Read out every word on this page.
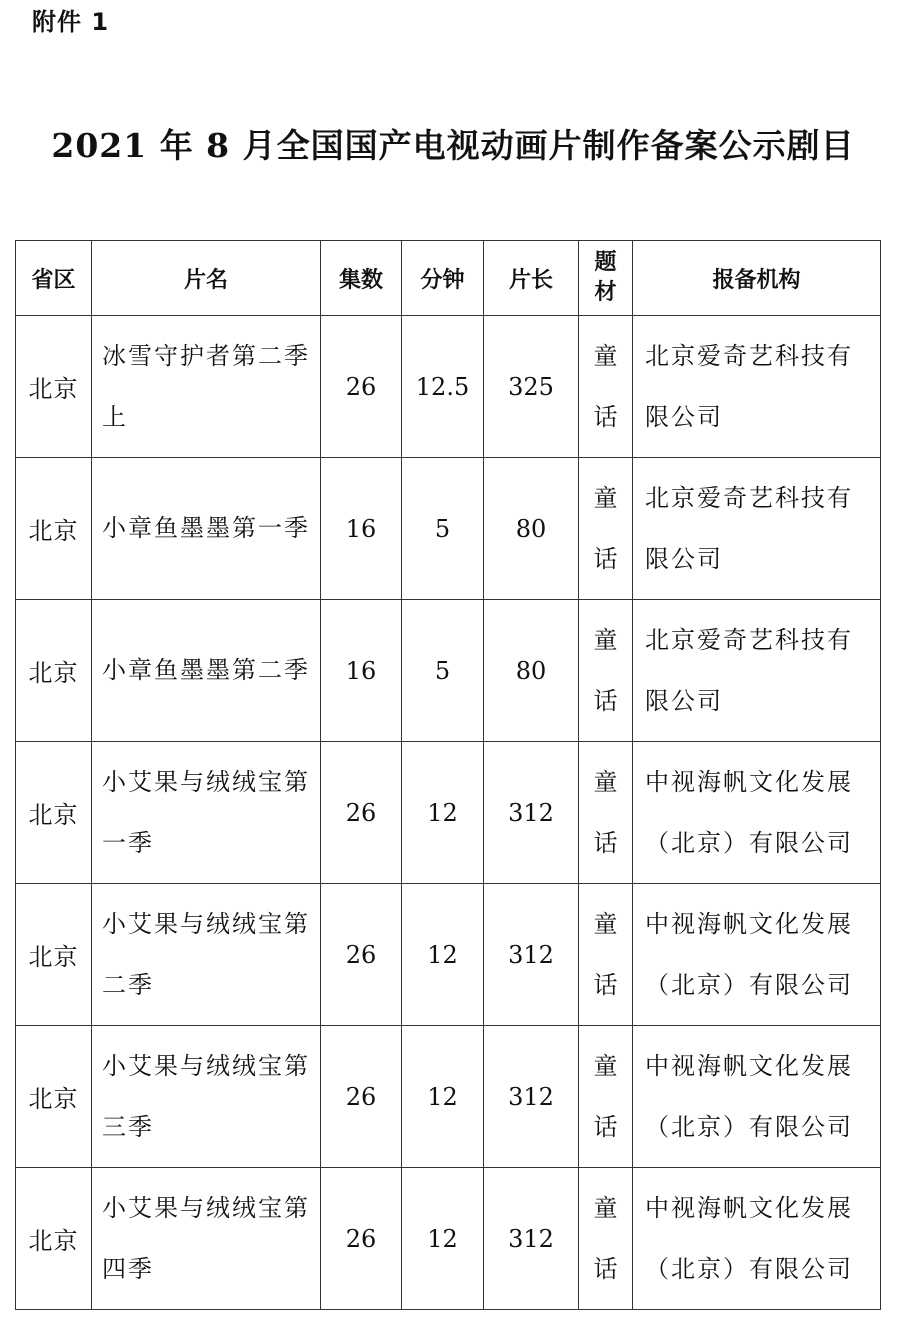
附件 1
2021 年 8 月全国国产电视动画片制作备案公示剧目
省区	片名	集数	分钟	片长	题材	报备机构
北京	冰雪守护者第二季上	26	12.5	325	童话	北京爱奇艺科技有限公司
北京	小章鱼墨墨第一季	16	5	80	童话	北京爱奇艺科技有限公司
北京	小章鱼墨墨第二季	16	5	80	童话	北京爱奇艺科技有限公司
北京	小艾果与绒绒宝第一季	26	12	312	童话	中视海帆文化发展（北京）有限公司
北京	小艾果与绒绒宝第二季	26	12	312	童话	中视海帆文化发展（北京）有限公司
北京	小艾果与绒绒宝第三季	26	12	312	童话	中视海帆文化发展（北京）有限公司
北京	小艾果与绒绒宝第四季	26	12	312	童话	中视海帆文化发展（北京）有限公司
